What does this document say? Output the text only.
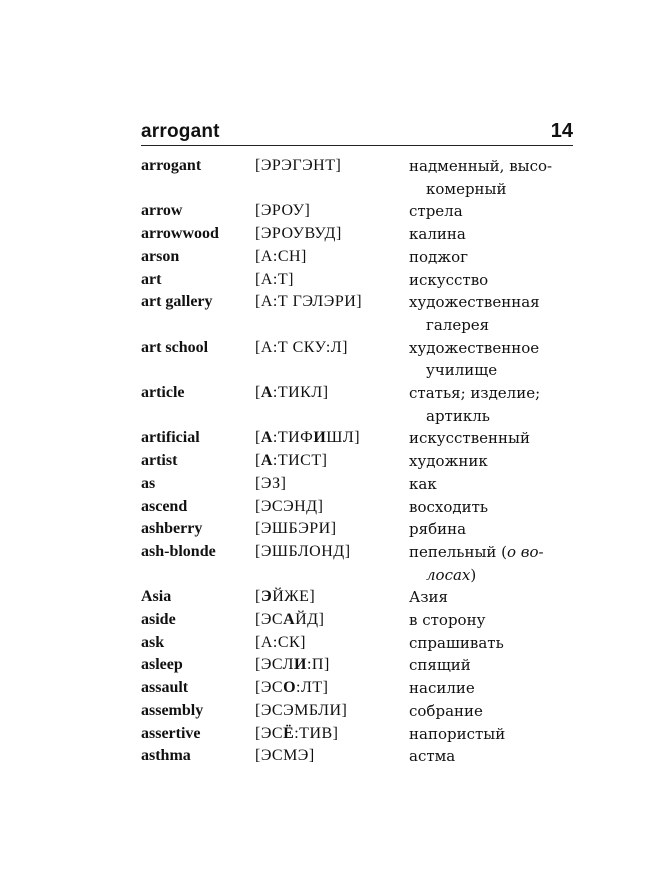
arrogant	14
arrogant	[ЭРЭГЭНТ]	надменный, высо-
комерный
arrow	[ЭРОУ]	стрела
arrowwood	[ЭРОУВУД]	калина
arson	[А:СН]	поджог
art	[А:Т]	искусство
art gallery	[А:Т ГЭЛЭРИ]	художественная
галерея
art school	[А:Т СКУ:Л]	художественное
училище
article	[А:ТИКЛ]	статья; изделие;
артикль
artificial	[А:ТИФИШЛ]	искусственный
artist	[А:ТИСТ]	художник
as	[ЭЗ]	как
ascend	[ЭСЭНД]	восходить
ashberry	[ЭШБЭРИ]	рябина
ash-blonde	[ЭШБЛОНД]	пепельный (о во-
лосах)
Asia	[ЭЙЖЕ]	Азия
aside	[ЭСАЙД]	в сторону
ask	[А:СК]	спрашивать
asleep	[ЭСЛИ:П]	спящий
assault	[ЭСО:ЛТ]	насилие
assembly	[ЭСЭМБЛИ]	собрание
assertive	[ЭСЁ:ТИВ]	напористый
asthma	[ЭСМЭ]	астма
